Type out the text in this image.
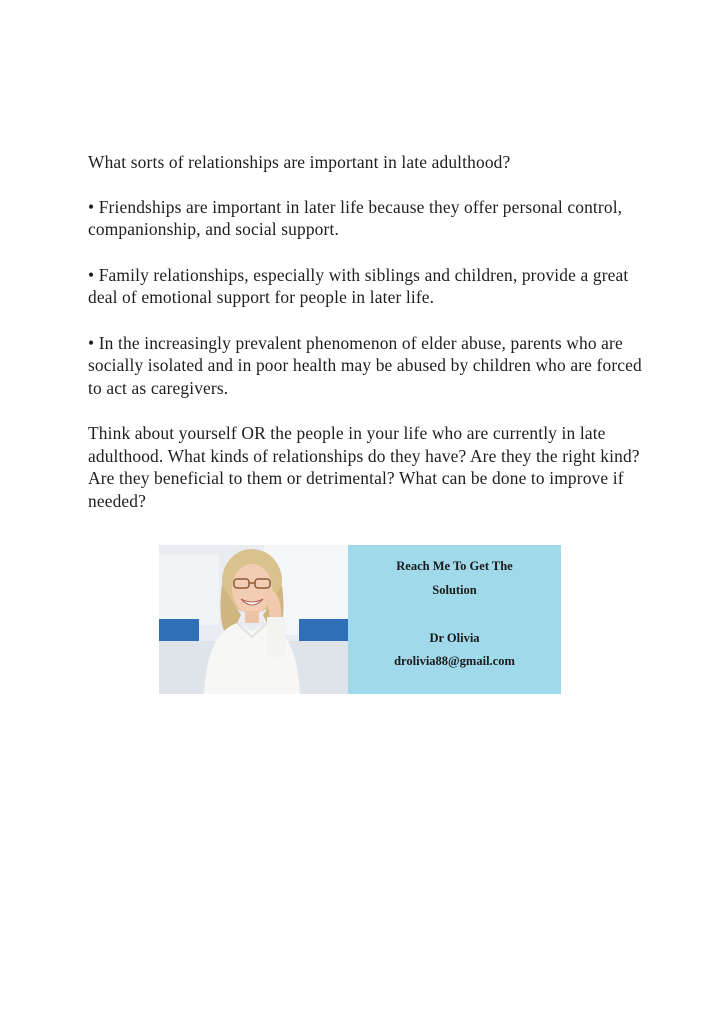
What sorts of relationships are important in late adulthood?

• Friendships are important in later life because they offer personal control, companionship, and social support.

• Family relationships, especially with siblings and children, provide a great deal of emotional support for people in later life.

• In the increasingly prevalent phenomenon of elder abuse, parents who are socially isolated and in poor health may be abused by children who are forced to act as caregivers.

Think about yourself OR the people in your life who are currently in late adulthood. What kinds of relationships do they have? Are they the right kind? Are they beneficial to them or detrimental? What can be done to improve if needed?

Reach Me To Get The
Solution
Dr Olivia
drolivia88@gmail.com
